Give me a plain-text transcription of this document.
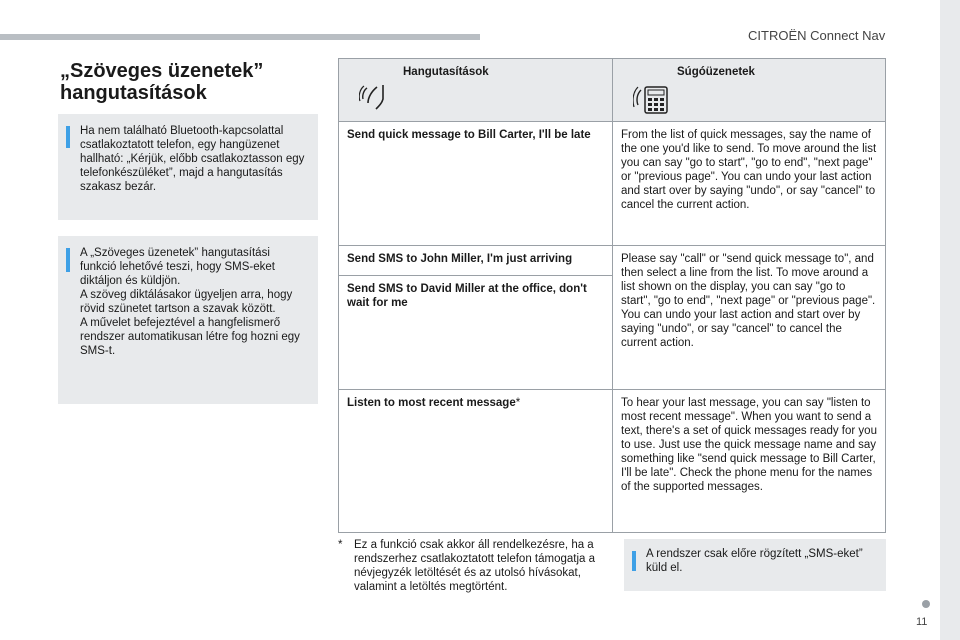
CITROËN Connect Nav
11
„Szöveges üzenetek” hangutasítások

Ha nem található Bluetooth-kapcsolattal csatlakoztatott telefon, egy hangüzenet hallható: „Kérjük, előbb csatlakoztasson egy telefonkészüléket”, majd a hangutasítás szakasz bezár.

A „Szöveges üzenetek” hangutasítási funkció lehetővé teszi, hogy SMS-eket diktáljon és küldjön.

A szöveg diktálásakor ügyeljen arra, hogy rövid szünetet tartson a szavak között.

A művelet befejeztével a hangfelismerő rendszer automatikusan létre fog hozni egy SMS-t.

Hangutasítások	Súgóüzenetek

Send quick message to Bill Carter, I'll be late	From the list of quick messages, say the name of the one you'd like to send. To move around the list you can say "go to start", "go to end", "next page" or "previous page". You can undo your last action and start over by saying "undo", or say "cancel" to cancel the current action.
Send SMS to John Miller, I'm just arriving	Please say "call" or "send quick message to", and then select a line from the list. To move around a list shown on the display, you can say "go to start", "go to end", "next page" or "previous page". You can undo your last action and start over by saying "undo", or say "cancel" to cancel the current action.
Send SMS to David Miller at the office, don't wait for me	
Listen to most recent message*	To hear your last message, you can say "listen to most recent message". When you want to send a text, there's a set of quick messages ready for you to use. Just use the quick message name and say something like "send quick message to Bill Carter, I'll be late". Check the phone menu for the names of the supported messages.
*	Ez a funkció csak akkor áll rendelkezésre, ha a rendszerhez csatlakoztatott telefon támogatja a névjegyzék letöltését és az utolsó hívásokat, valamint a letöltés megtörtént.
A rendszer csak előre rögzített „SMS-eket” küld el.
